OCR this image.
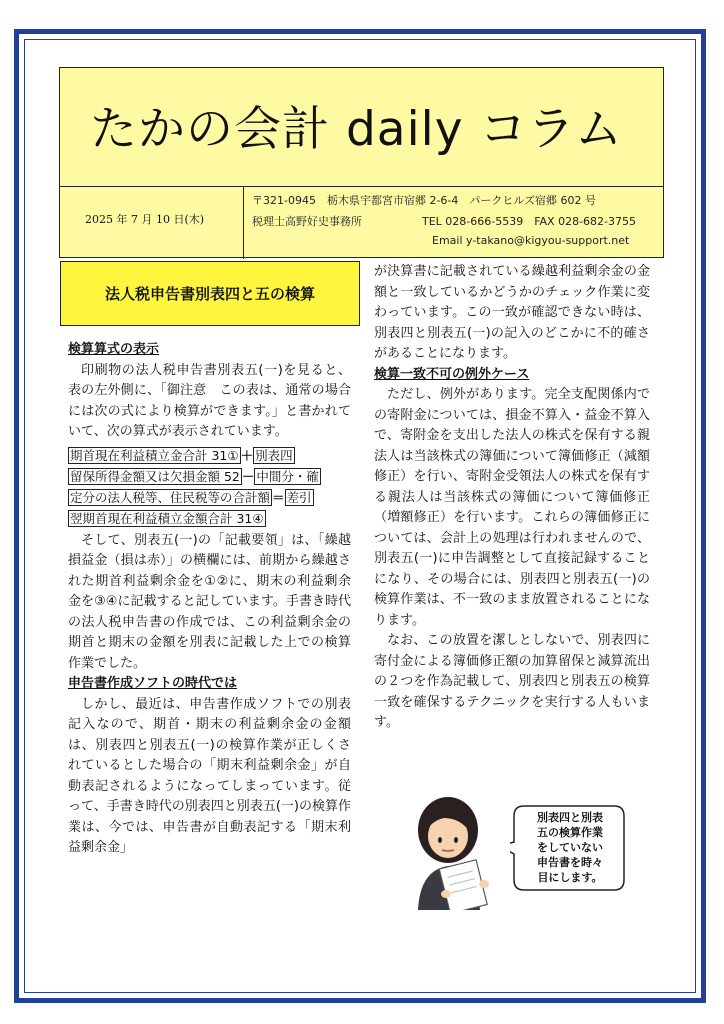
たかの会計 daily コラム
2025 年 7 月 10 日(木)
〒321-0945　栃木県宇都宮市宿郷 2-6-4　パークヒルズ宿郷 602 号
税理士高野好史事務所	TEL 028-666-5539　FAX 028-682-3755
Email y-takano@kigyou-support.net
法人税申告書別表四と五の検算

検算算式の表示

印刷物の法人税申告書別表五(一)を見ると、表の左外側に、「御注意　この表は、通常の場合には次の式により検算ができます。」と書かれていて、次の算式が表示されています。

期首現在利益積立金合計 31① ＋ 別表四
留保所得金額又は欠損金額 52 － 中間分・確
定分の法人税等、住民税等の合計額 ＝ 差引
翌期首現在利益積立金額合計 31④

そして、別表五(一)の「記載要領」は、「繰越損益金（損は赤）」の横欄には、前期から繰越された期首利益剰余金を①②に、期末の利益剰余金を③④に記載すると記しています。手書き時代の法人税申告書の作成では、この利益剰余金の期首と期末の金額を別表に記載した上での検算作業でした。

申告書作成ソフトの時代では

しかし、最近は、申告書作成ソフトでの別表記入なので、期首・期末の利益剰余金の金額は、別表四と別表五(一)の検算作業が正しくされているとした場合の「期末利益剰余金」が自動表記されるようになってしまっています。従って、手書き時代の別表四と別表五(一)の検算作業は、今では、申告書が自動表記する「期末利益剰余金」

が決算書に記載されている繰越利益剰余金の金額と一致しているかどうかのチェック作業に変わっています。この一致が確認できない時は、別表四と別表五(一)の記入のどこかに不的確さがあることになります。

検算一致不可の例外ケース

ただし、例外があります。完全支配関係内での寄附金については、損金不算入・益金不算入で、寄附金を支出した法人の株式を保有する親法人は当該株式の簿価について簿価修正（減額修正）を行い、寄附金受領法人の株式を保有する親法人は当該株式の簿価について簿価修正（増額修正）を行います。これらの簿価修正については、会計上の処理は行われませんので、別表五(一)に申告調整として直接記録することになり、その場合には、別表四と別表五(一)の検算作業は、不一致のまま放置されることになります。

なお、この放置を潔しとしないで、別表四に寄付金による簿価修正額の加算留保と減算流出の２つを作為記載して、別表四と別表五の検算一致を確保するテクニックを実行する人もいます。

別表四と別表
五の検算作業
をしていない
申告書を時々
目にします。
